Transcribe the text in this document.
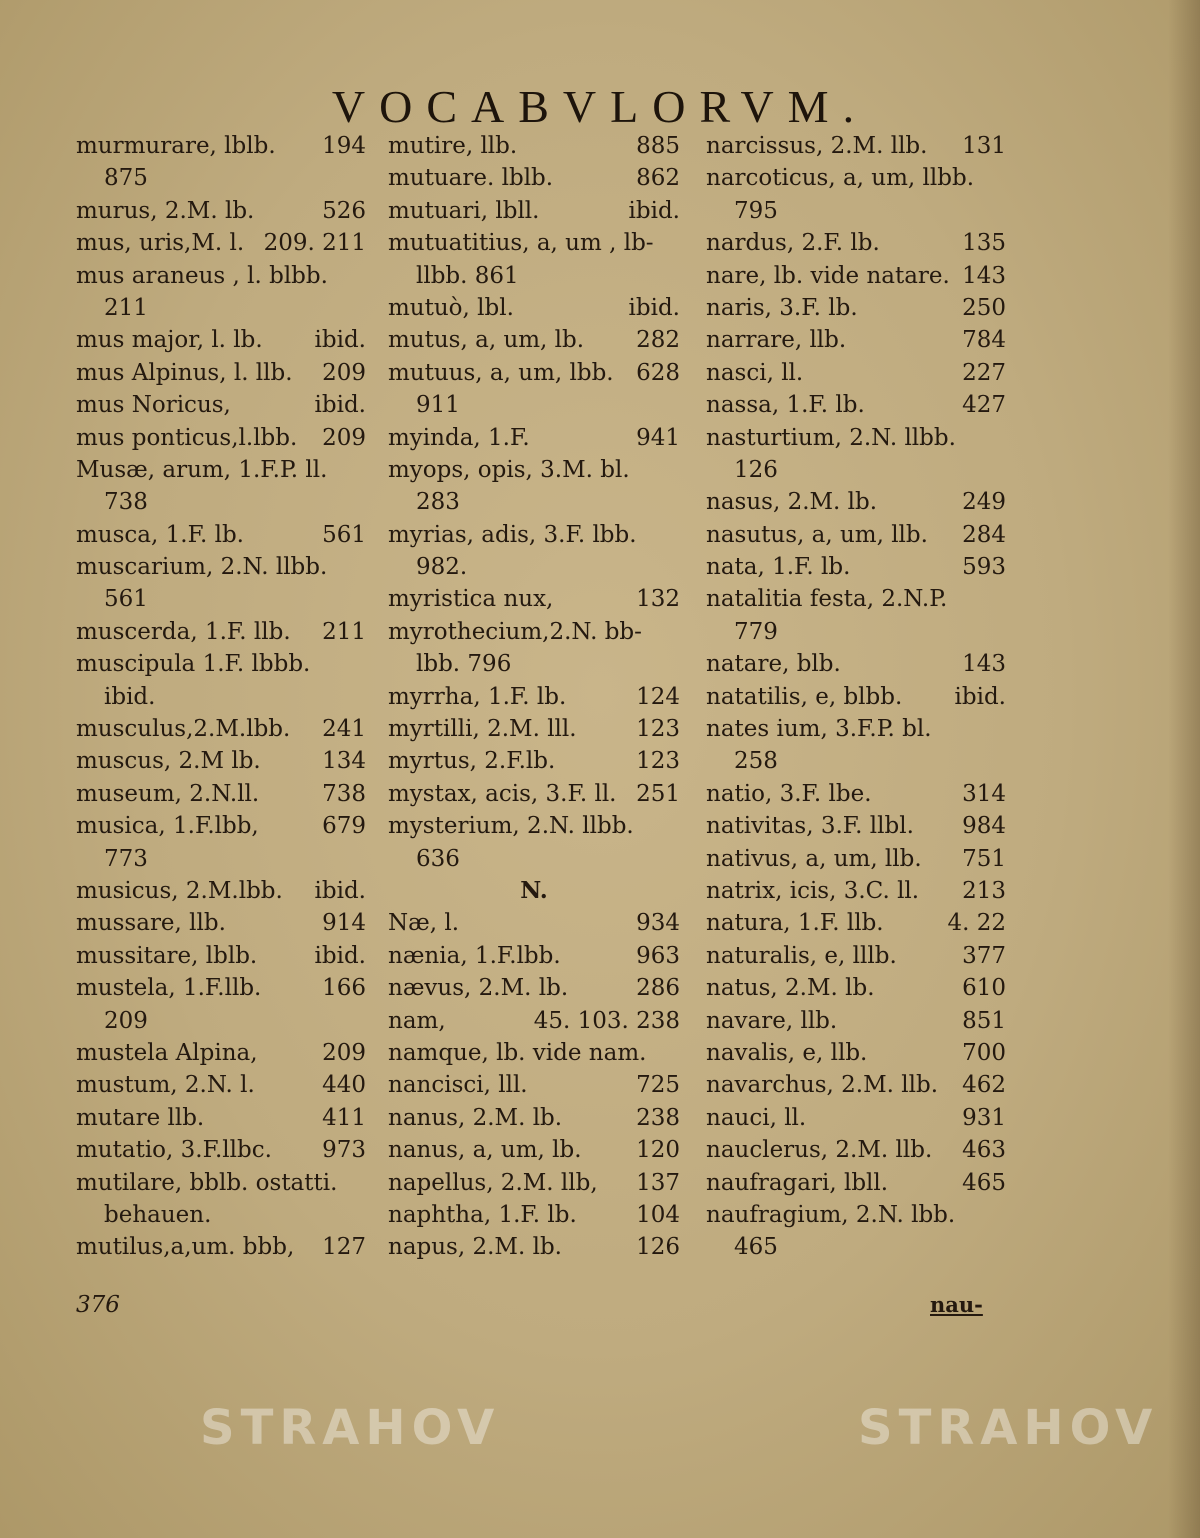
VOCABVLORVM.
murmurare, lblb. 194
875
murus, 2.M. lb.	526
mus, uris,M. l. 209. 211
mus araneus , l. blbb.
211
mus major, l. lb. ibid.
mus Alpinus, l. llb. 209
mus Noricus,	ibid.
mus ponticus,l.lbb. 209
Musæ, arum, 1.F.P. ll.
738
musca, 1.F. lb.	561
muscarium, 2.N. llbb.
561
muscerda, 1.F. llb. 211
muscipula 1.F. lbbb.
ibid.
musculus,2.M.lbb. 241
muscus, 2.M lb.	134
museum, 2.N.ll.	738
musica, 1.F.lbb,	679
773
musicus, 2.M.lbb. ibid.
mussare, llb.	914
mussitare, lblb. ibid.
mustela, 1.F.llb.	166
209
mustela Alpina,	209
mustum, 2.N. l.	440
mutare llb.	411
mutatio, 3.F.llbc. 973
mutilare, bblb. ostatti.
behauen.
mutilus,a,um. bbb, 127
mutire, llb.	885
mutuare. lblb.	862
mutuari, lbll.	ibid.
mutuatitius, a, um , lb-
llbb. 861
mutuò, lbl.	ibid.
mutus, a, um, lb. 282
mutuus, a, um, lbb. 628
911
myinda, 1.F.	941
myops, opis, 3.M. bl.
283
myrias, adis, 3.F. lbb.
982.
myristica nux,	132
myrothecium,2.N. bb-
lbb. 796
myrrha, 1.F. lb.	124
myrtilli, 2.M. lll.	123
myrtus, 2.F.lb.	123
mystax, acis, 3.F. ll. 251
mysterium, 2.N. llbb.
636
N.
Næ, l.	934
nænia, 1.F.lbb.	963
nævus, 2.M. lb.	286
nam,	45. 103. 238
namque, lb. vide nam.
nancisci, lll.	725
nanus, 2.M. lb.	238
nanus, a, um, lb. 120
napellus, 2.M. llb, 137
naphtha, 1.F. lb.	104
napus, 2.M. lb.	126
narcissus, 2.M. llb. 131
narcoticus, a, um, llbb.
795
nardus, 2.F. lb.	135
nare, lb. vide natare. 143
naris, 3.F. lb.	250
narrare, llb.	784
nasci, ll.	227
nassa, 1.F. lb.	427
nasturtium, 2.N. llbb.
126
nasus, 2.M. lb.	249
nasutus, a, um, llb. 284
nata, 1.F. lb.	593
natalitia festa, 2.N.P.
779
natare, blb.	143
natatilis, e, blbb. ibid.
nates ium, 3.F.P. bl.
258
natio, 3.F. lbe.	314
nativitas, 3.F. llbl. 984
nativus, a, um, llb. 751
natrix, icis, 3.C. ll. 213
natura, 1.F. llb.	4. 22
naturalis, e, lllb.	377
natus, 2.M. lb.	610
navare, llb.	851
navalis, e, llb.	700
navarchus, 2.M. llb. 462
nauci, ll.	931
nauclerus, 2.M. llb. 463
naufragari, lbll.	465
naufragium, 2.N. lbb.
465
376	nau-
STRAHOV	STRAHOV
